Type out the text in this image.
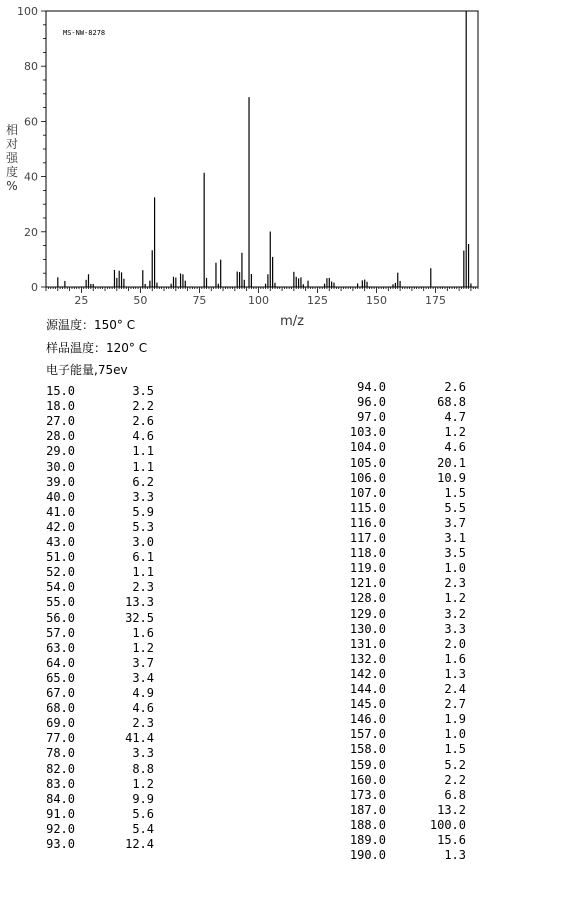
25	50	75	100	125	150	175
0
20
40
60
80
100
MS-NW-8278
m/z
相
对
强
度
%
源温度：150° C
样品温度：120° C
电子能量,75ev
15.0	3.5
18.0	2.2
27.0	2.6
28.0	4.6
29.0	1.1
30.0	1.1
39.0	6.2
40.0	3.3
41.0	5.9
42.0	5.3
43.0	3.0
51.0	6.1
52.0	1.1
54.0	2.3
55.0	13.3
56.0	32.5
57.0	1.6
63.0	1.2
64.0	3.7
65.0	3.4
67.0	4.9
68.0	4.6
69.0	2.3
77.0	41.4
78.0	3.3
82.0	8.8
83.0	1.2
84.0	9.9
91.0	5.6
92.0	5.4
93.0	12.4
94.0	2.6
96.0	68.8
97.0	4.7
103.0	1.2
104.0	4.6
105.0	20.1
106.0	10.9
107.0	1.5
115.0	5.5
116.0	3.7
117.0	3.1
118.0	3.5
119.0	1.0
121.0	2.3
128.0	1.2
129.0	3.2
130.0	3.3
131.0	2.0
132.0	1.6
142.0	1.3
144.0	2.4
145.0	2.7
146.0	1.9
157.0	1.0
158.0	1.5
159.0	5.2
160.0	2.2
173.0	6.8
187.0	13.2
188.0	100.0
189.0	15.6
190.0	1.3
